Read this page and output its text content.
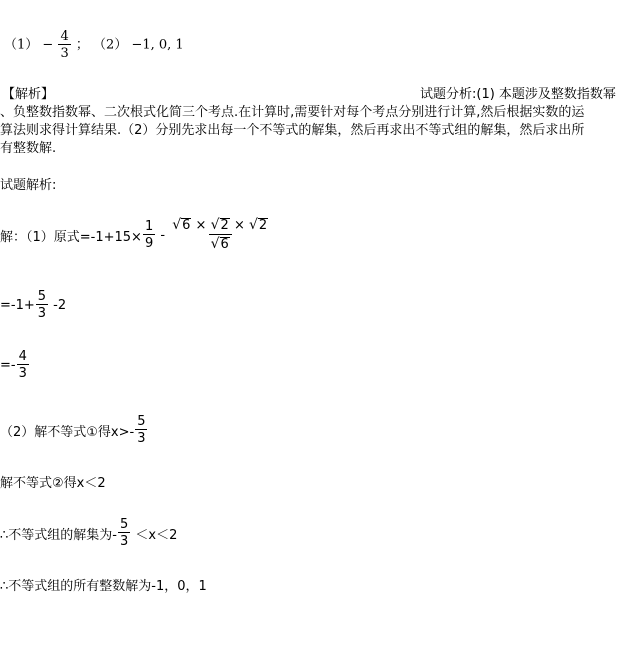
$(1) - \frac{4}{3}$ ； （2） −1, 0, 1
【解析】	试题分析:(1) 本题涉及整数指数幂
、负整数指数幂、二次根式化简三个考点.在计算时,需要针对每个考点分别进行计算,然后根据实数的运
算法则求得计算结果.（2）分别先求出每一个不等式的解集，然后再求出不等式组的解集，然后求出所
有整数解.
试题解析:
解：（1）原式$=-1+15\times \frac{1}{9} - \frac{√ 6 \times √ 2 \times √ 2}{√ 6}$
$=-1+ \frac{5}{3} -2$
=- $\frac{4}{3}$
（2）解不等式①得$x>- \frac{5}{3}$
解不等式②得x＜2
∴不等式组的解集为- $\frac{5}{3} <x<2$
∴不等式组的所有整数解为-1，0，1
